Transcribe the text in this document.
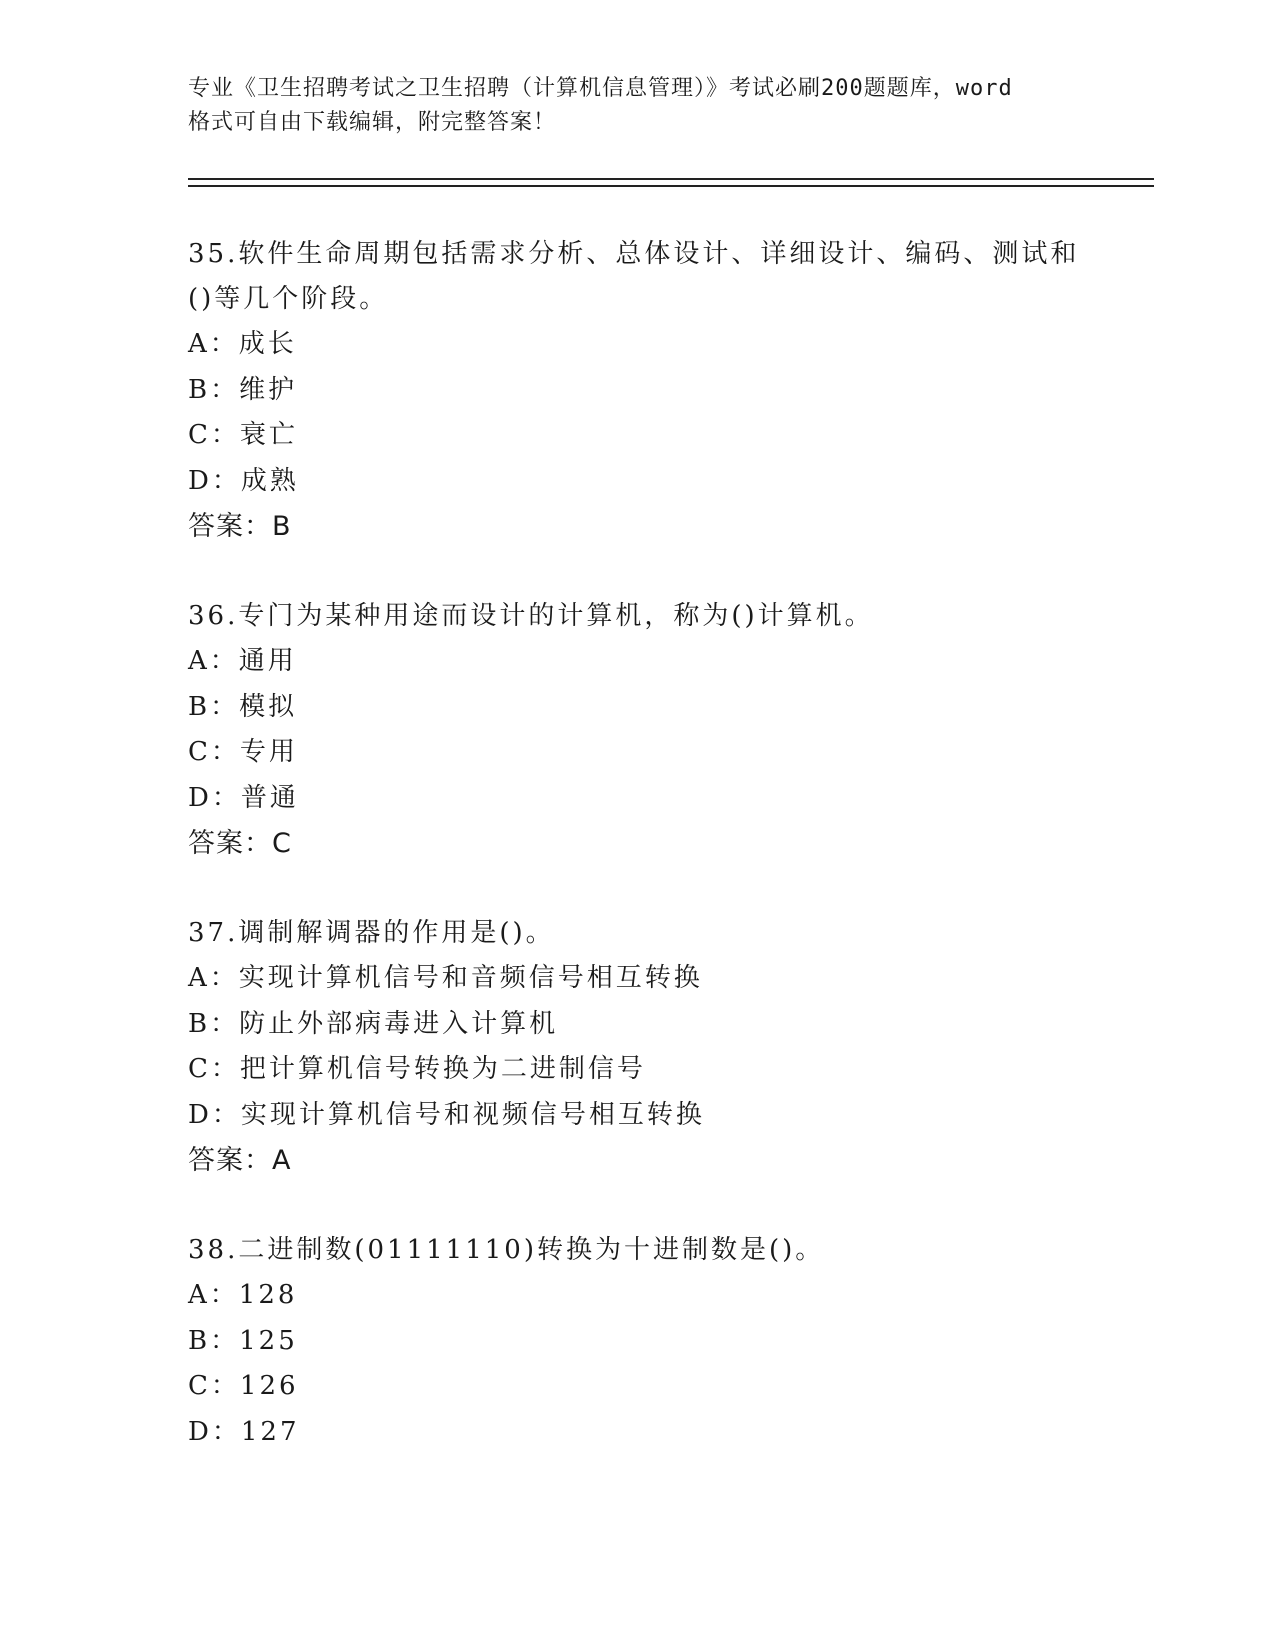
专业《卫生招聘考试之卫生招聘（计算机信息管理）》考试必刷200题题库，word
格式可自由下载编辑，附完整答案！
35.软件生命周期包括需求分析、总体设计、详细设计、编码、测试和
()等几个阶段。
A：成长
B：维护
C：衰亡
D：成熟
答案：B
36.专门为某种用途而设计的计算机，称为()计算机。
A：通用
B：模拟
C：专用
D：普通
答案：C
37.调制解调器的作用是()。
A：实现计算机信号和音频信号相互转换
B：防止外部病毒进入计算机
C：把计算机信号转换为二进制信号
D：实现计算机信号和视频信号相互转换
答案：A
38.二进制数(01111110)转换为十进制数是()。
A：128
B：125
C：126
D：127
